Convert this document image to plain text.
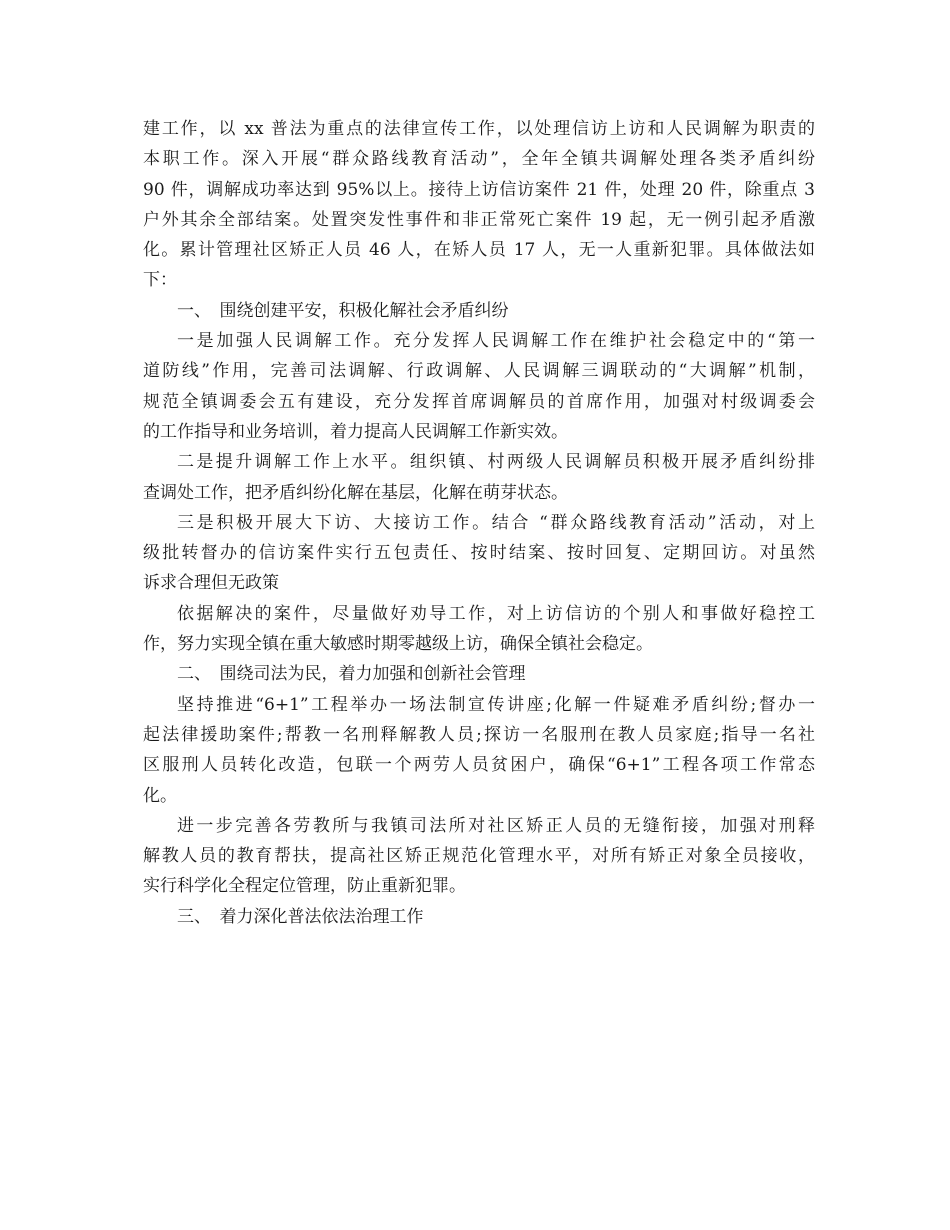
建工作，以 xx 普法为重点的法律宣传工作，以处理信访上访和人民调解为职责的
本职工作。深入开展“群众路线教育活动”，全年全镇共调解处理各类矛盾纠纷
90 件，调解成功率达到 95%以上。接待上访信访案件 21 件，处理 20 件，除重点 3
户外其余全部结案。处置突发性事件和非正常死亡案件 19 起，无一例引起矛盾激
化。累计管理社区矫正人员 46 人，在矫人员 17 人，无一人重新犯罪。具体做法如
下：
一、　围绕创建平安，积极化解社会矛盾纠纷
一是加强人民调解工作。充分发挥人民调解工作在维护社会稳定中的“第一
道防线”作用，完善司法调解、行政调解、人民调解三调联动的“大调解”机制，
规范全镇调委会五有建设，充分发挥首席调解员的首席作用，加强对村级调委会
的工作指导和业务培训，着力提高人民调解工作新实效。
二是提升调解工作上水平。组织镇、村两级人民调解员积极开展矛盾纠纷排
查调处工作，把矛盾纠纷化解在基层，化解在萌芽状态。
三是积极开展大下访、大接访工作。结合 “群众路线教育活动”活动，对上
级批转督办的信访案件实行五包责任、按时结案、按时回复、定期回访。对虽然
诉求合理但无政策
依据解决的案件，尽量做好劝导工作，对上访信访的个别人和事做好稳控工
作，努力实现全镇在重大敏感时期零越级上访，确保全镇社会稳定。
二、　围绕司法为民，着力加强和创新社会管理
坚持推进“6+1”工程举办一场法制宣传讲座;化解一件疑难矛盾纠纷;督办一
起法律援助案件;帮教一名刑释解教人员;探访一名服刑在教人员家庭;指导一名社
区服刑人员转化改造，包联一个两劳人员贫困户，确保“6+1”工程各项工作常态
化。
进一步完善各劳教所与我镇司法所对社区矫正人员的无缝衔接，加强对刑释
解教人员的教育帮扶，提高社区矫正规范化管理水平，对所有矫正对象全员接收，
实行科学化全程定位管理，防止重新犯罪。
三、　着力深化普法依法治理工作
